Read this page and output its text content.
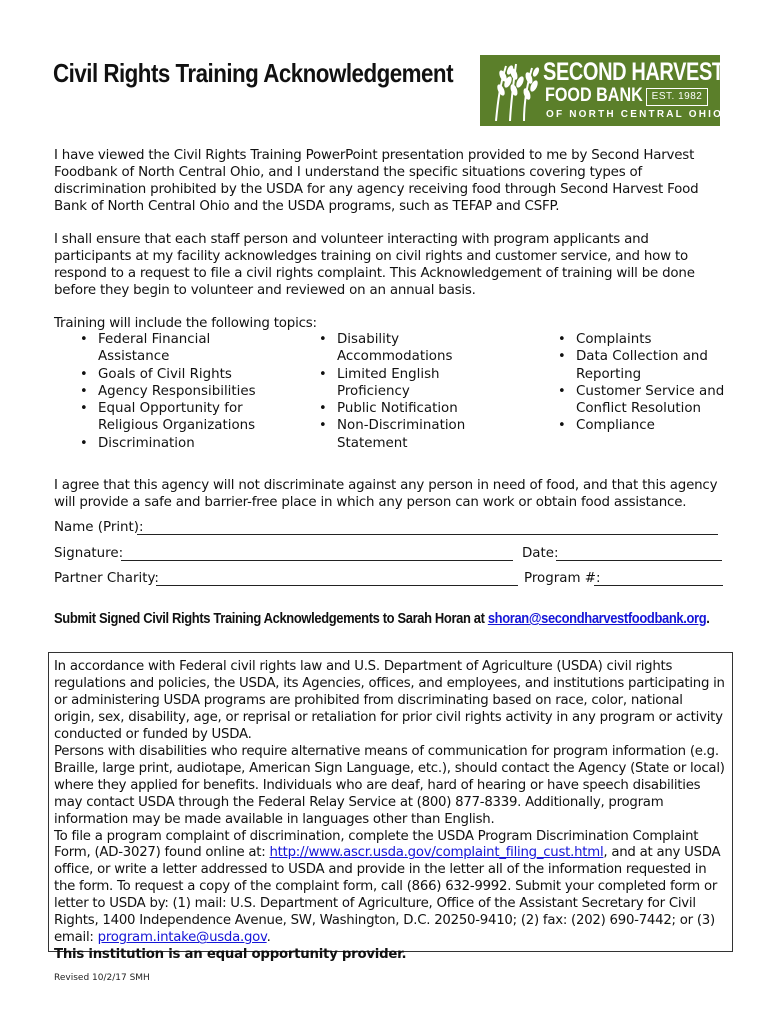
Civil Rights Training Acknowledgement	SECOND HARVEST
FOOD BANK EST. 1982
OF NORTH CENTRAL OHIO
I have viewed the Civil Rights Training PowerPoint presentation provided to me by Second Harvest Foodbank of North Central Ohio, and I understand the specific situations covering types of discrimination prohibited by the USDA for any agency receiving food through Second Harvest Food Bank of North Central Ohio and the USDA programs, such as TEFAP and CSFP.
I shall ensure that each staff person and volunteer interacting with program applicants and participants at my facility acknowledges training on civil rights and customer service, and how to respond to a request to file a civil rights complaint. This Acknowledgement of training will be done before they begin to volunteer and reviewed on an annual basis.
Training will include the following topics:
• Federal Financial Assistance
• Goals of Civil Rights
• Agency Responsibilities
• Equal Opportunity for Religious Organizations
• Discrimination
• Disability Accommodations
• Limited English Proficiency
• Public Notification
• Non-Discrimination Statement
• Complaints
• Data Collection and Reporting
• Customer Service and Conflict Resolution
• Compliance
I agree that this agency will not discriminate against any person in need of food, and that this agency will provide a safe and barrier-free place in which any person can work or obtain food assistance.
Name (Print):
Signature:	Date:
Partner Charity:	Program #:
Submit Signed Civil Rights Training Acknowledgements to Sarah Horan at shoran@secondharvestfoodbank.org.
In accordance with Federal civil rights law and U.S. Department of Agriculture (USDA) civil rights regulations and policies, the USDA, its Agencies, offices, and employees, and institutions participating in or administering USDA programs are prohibited from discriminating based on race, color, national origin, sex, disability, age, or reprisal or retaliation for prior civil rights activity in any program or activity conducted or funded by USDA.
Persons with disabilities who require alternative means of communication for program information (e.g. Braille, large print, audiotape, American Sign Language, etc.), should contact the Agency (State or local) where they applied for benefits. Individuals who are deaf, hard of hearing or have speech disabilities may contact USDA through the Federal Relay Service at (800) 877-8339. Additionally, program information may be made available in languages other than English.
To file a program complaint of discrimination, complete the USDA Program Discrimination Complaint Form, (AD-3027) found online at: http://www.ascr.usda.gov/complaint_filing_cust.html, and at any USDA office, or write a letter addressed to USDA and provide in the letter all of the information requested in the form. To request a copy of the complaint form, call (866) 632-9992. Submit your completed form or letter to USDA by: (1) mail: U.S. Department of Agriculture, Office of the Assistant Secretary for Civil Rights, 1400 Independence Avenue, SW, Washington, D.C. 20250-9410; (2) fax: (202) 690-7442; or (3) email: program.intake@usda.gov.
This institution is an equal opportunity provider.
Revised 10/2/17 SMH
